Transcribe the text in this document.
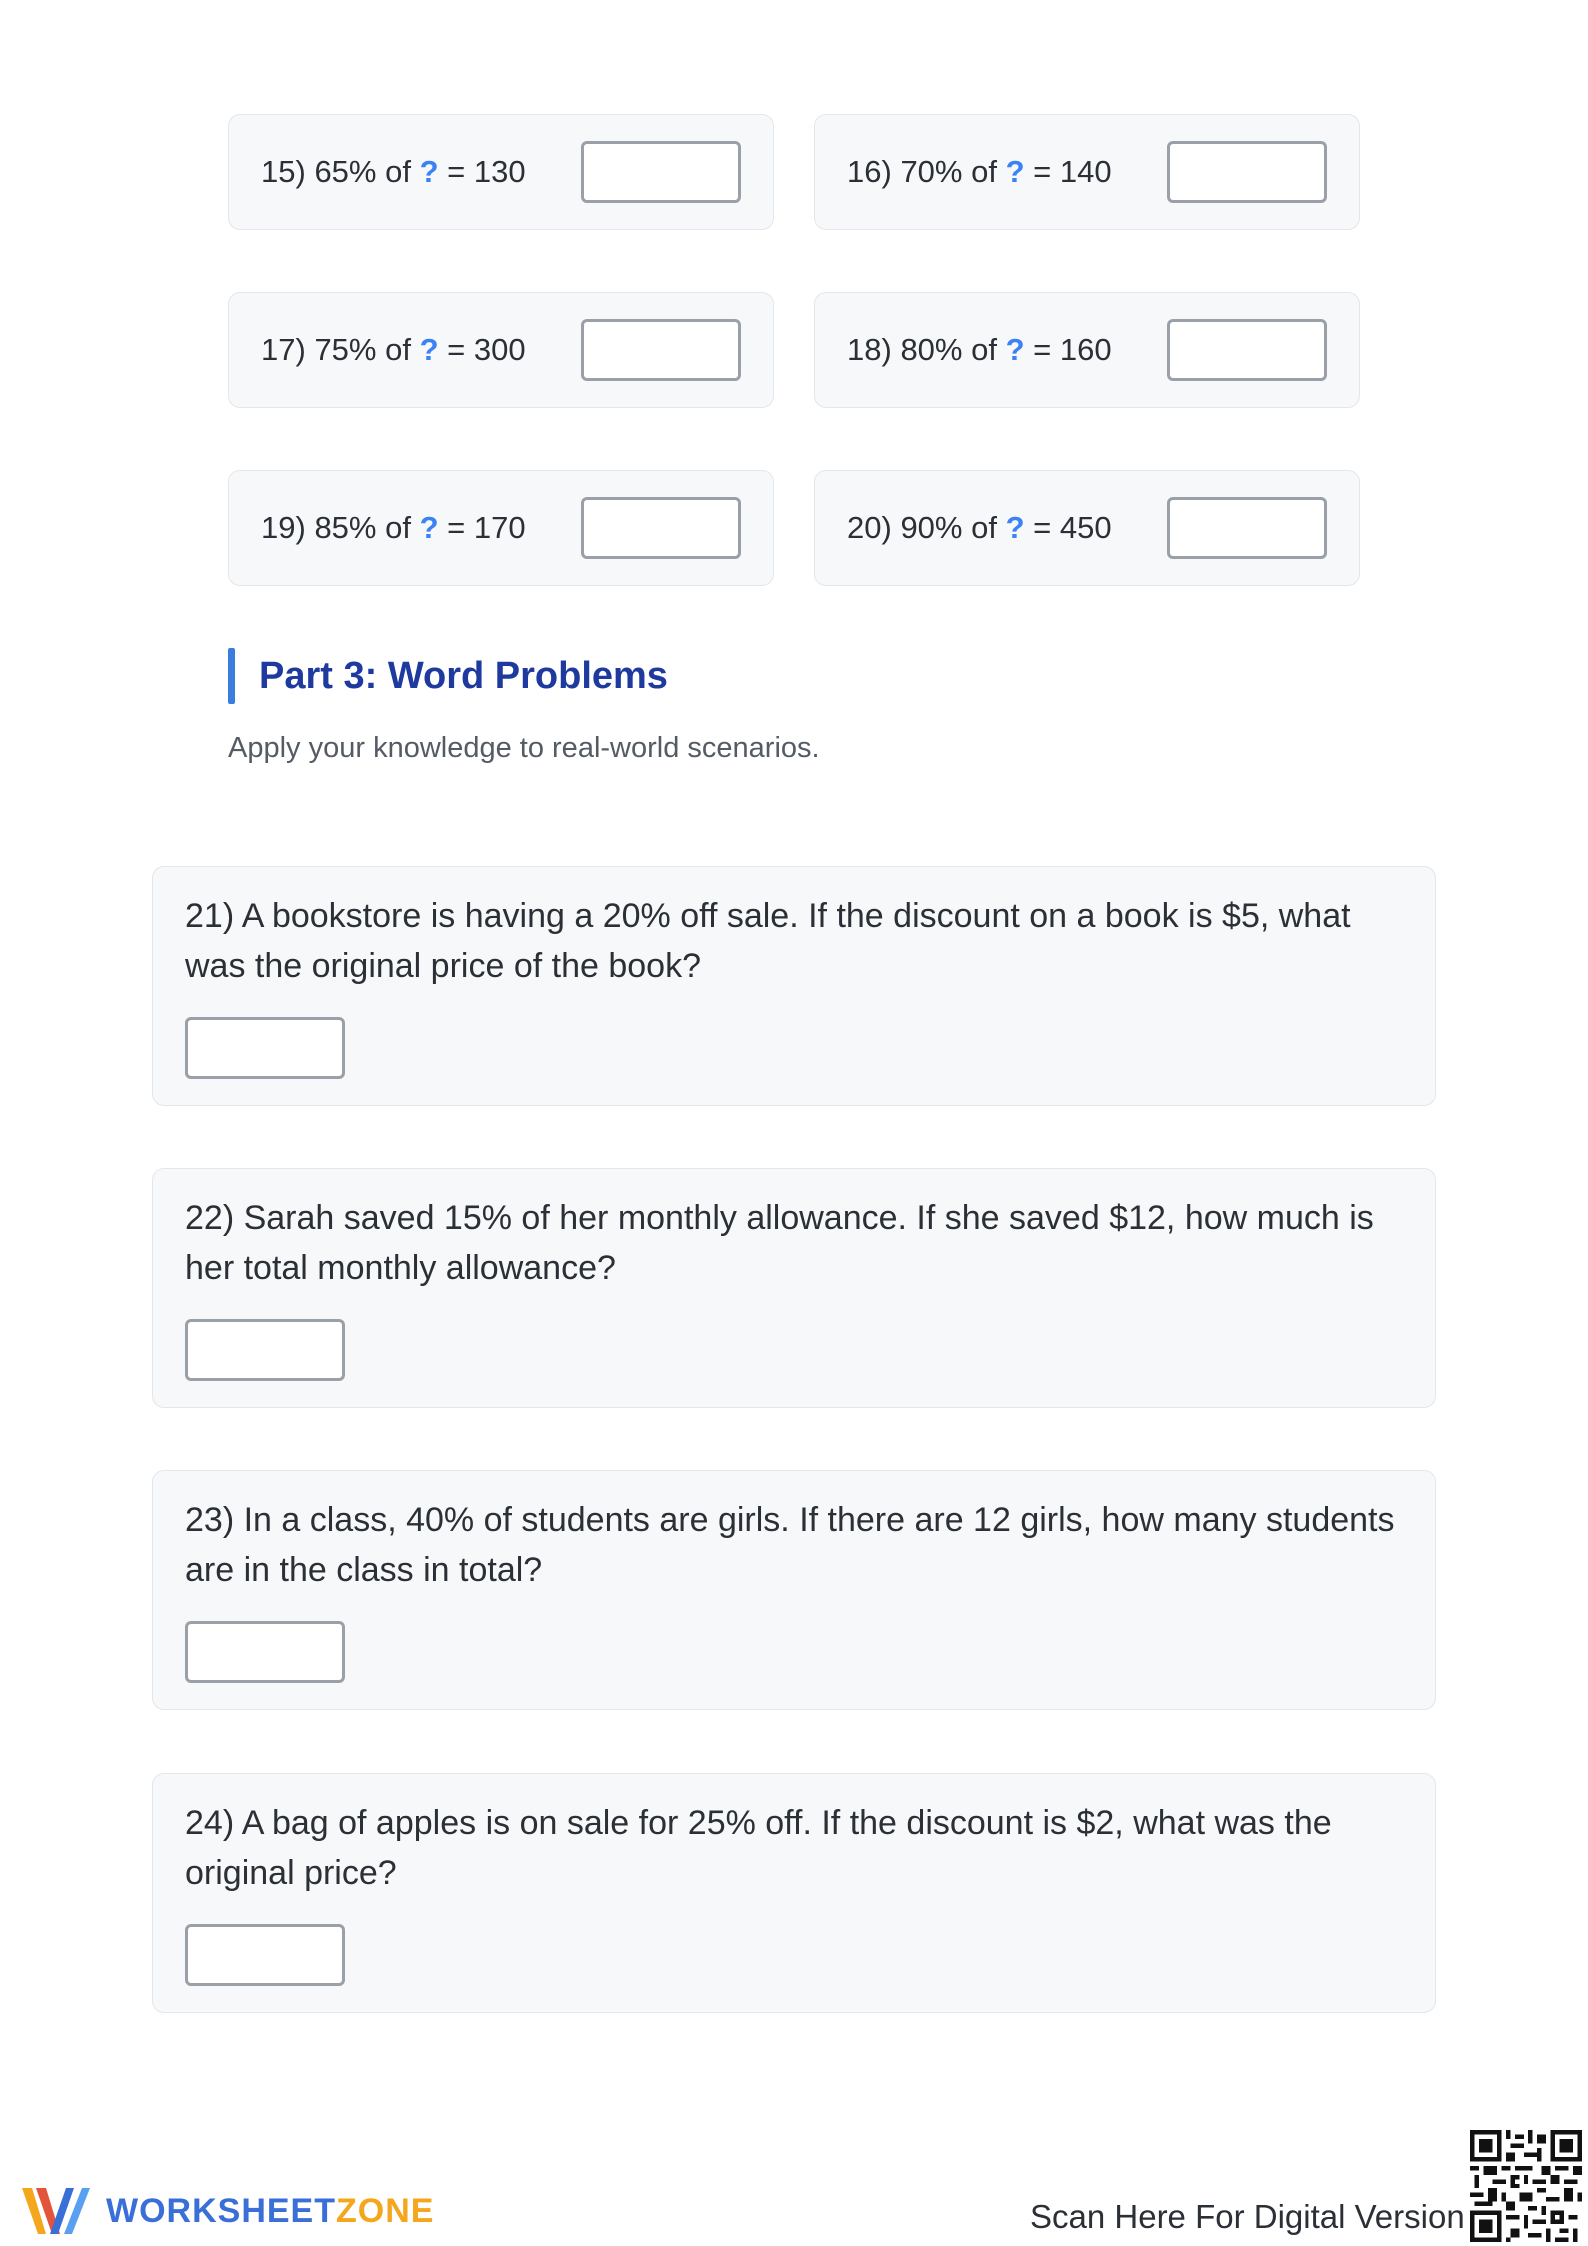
15) 65% of ? = 130	16) 70% of ? = 140
17) 75% of ? = 300	18) 80% of ? = 160
19) 85% of ? = 170	20) 90% of ? = 450
Part 3: Word Problems
Apply your knowledge to real-world scenarios.
21) A bookstore is having a 20% off sale. If the discount on a book is $5, what was the original price of the book?
22) Sarah saved 15% of her monthly allowance. If she saved $12, how much is her total monthly allowance?
23) In a class, 40% of students are girls. If there are 12 girls, how many students are in the class in total?
24) A bag of apples is on sale for 25% off. If the discount is $2, what was the original price?
WORKSHEETZONE	Scan Here For Digital Version
